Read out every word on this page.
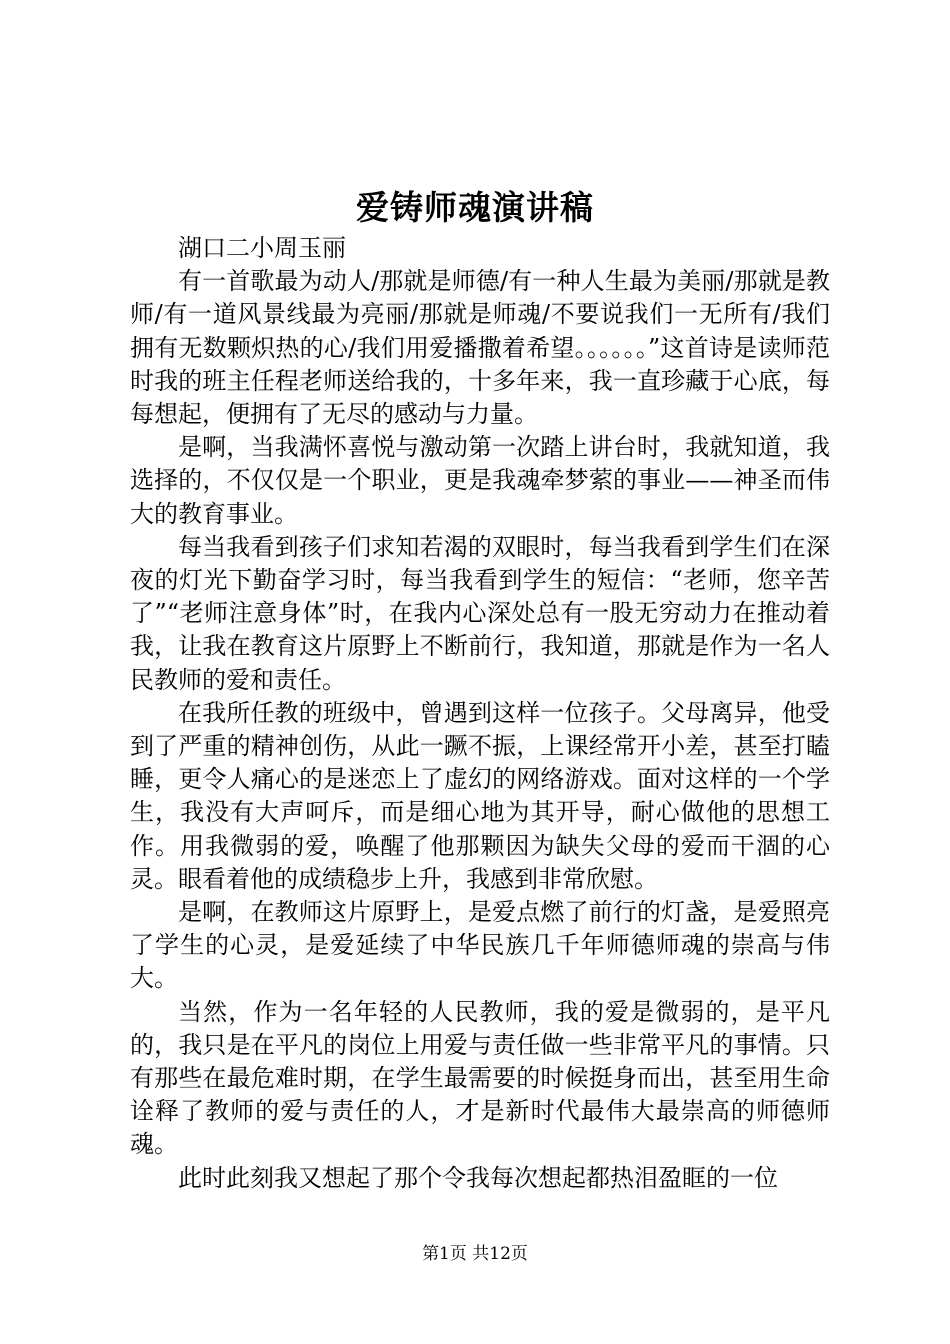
爱铸师魂演讲稿

湖口二小周玉丽

有一首歌最为动人/那就是师德/有一种人生最为美丽/那就是教师/有一道风景线最为亮丽/那就是师魂/不要说我们一无所有/我们拥有无数颗炽热的心/我们用爱播撒着希望。。。。。。”这首诗是读师范时我的班主任程老师送给我的，十多年来，我一直珍藏于心底，每每想起，便拥有了无尽的感动与力量。

是啊，当我满怀喜悦与激动第一次踏上讲台时，我就知道，我选择的，不仅仅是一个职业，更是我魂牵梦萦的事业——神圣而伟大的教育事业。

每当我看到孩子们求知若渴的双眼时，每当我看到学生们在深夜的灯光下勤奋学习时，每当我看到学生的短信：“老师，您辛苦了”“老师注意身体”时，在我内心深处总有一股无穷动力在推动着我，让我在教育这片原野上不断前行，我知道，那就是作为一名人民教师的爱和责任。

在我所任教的班级中，曾遇到这样一位孩子。父母离异，他受到了严重的精神创伤，从此一蹶不振，上课经常开小差，甚至打瞌睡，更令人痛心的是迷恋上了虚幻的网络游戏。面对这样的一个学生，我没有大声呵斥，而是细心地为其开导，耐心做他的思想工作。用我微弱的爱，唤醒了他那颗因为缺失父母的爱而干涸的心灵。眼看着他的成绩稳步上升，我感到非常欣慰。

是啊，在教师这片原野上，是爱点燃了前行的灯盏，是爱照亮了学生的心灵，是爱延续了中华民族几千年师德师魂的崇高与伟大。

当然，作为一名年轻的人民教师，我的爱是微弱的，是平凡的，我只是在平凡的岗位上用爱与责任做一些非常平凡的事情。只有那些在最危难时期，在学生最需要的时候挺身而出，甚至用生命诠释了教师的爱与责任的人，才是新时代最伟大最崇高的师德师魂。

此时此刻我又想起了那个令我每次想起都热泪盈眶的一位

第1页 共12页
